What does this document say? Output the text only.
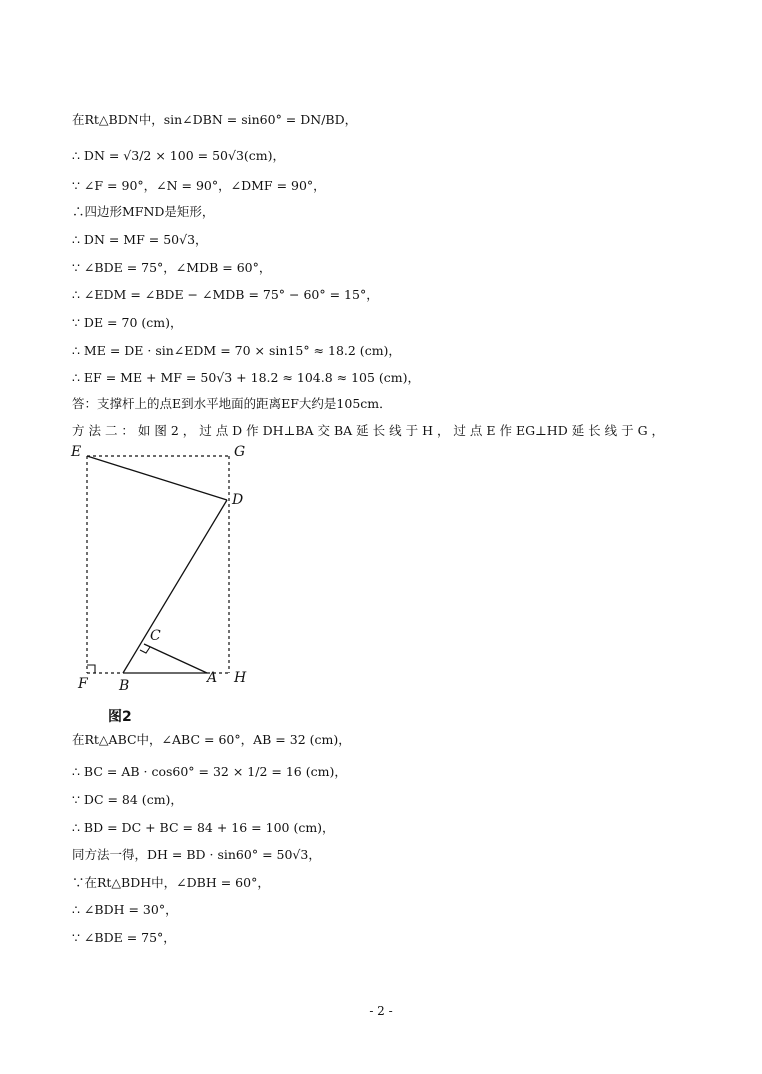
在Rt△BDN中，sin∠DBN = sin60° = DN/BD，
∴ DN = √3/2 × 100 = 50√3(cm)，
∵ ∠F = 90°，∠N = 90°，∠DMF = 90°，
∴四边形MFND是矩形，
∴ DN = MF = 50√3，
∵ ∠BDE = 75°，∠MDB = 60°，
∴ ∠EDM = ∠BDE − ∠MDB = 75° − 60° = 15°，
∵ DE = 70 (cm)，
∴ ME = DE · sin∠EDM = 70 × sin15° ≈ 18.2 (cm)，
∴ EF = ME + MF = 50√3 + 18.2 ≈ 104.8 ≈ 105 (cm)，
答：支撑杆上的点E到水平地面的距离EF大约是105cm．
方 法 二 ： 如 图 2 ， 过 点 D 作 DH⊥BA 交 BA 延 长 线 于 H ， 过 点 E 作 EG⊥HD 延 长 线 于 G ，
E	G
D
C
F B	A H
图2
在Rt△ABC中，∠ABC = 60°，AB = 32 (cm)，
∴ BC = AB · cos60° = 32 × 1/2 = 16 (cm)，
∵ DC = 84 (cm)，
∴ BD = DC + BC = 84 + 16 = 100 (cm)，
同方法一得，DH = BD · sin60° = 50√3，
∵在Rt△BDH中，∠DBH = 60°，
∴ ∠BDH = 30°，
∵ ∠BDE = 75°，
- 2 -
